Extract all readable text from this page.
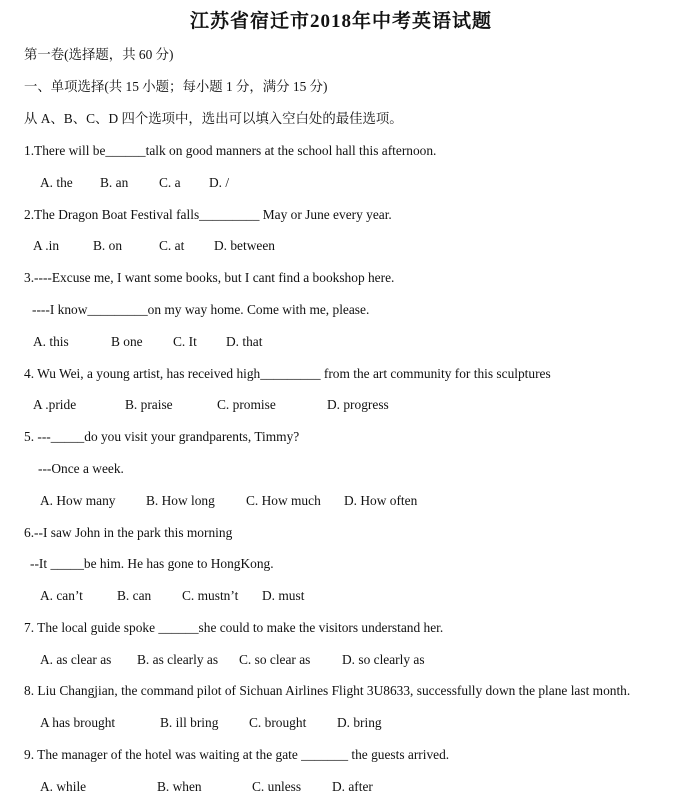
江苏省宿迁市2018年中考英语试题
第一卷(选择题，共 60 分)
一、单项选择(共 15 小题；每小题 1 分，满分 15 分)
从 A、B、C、D 四个选项中，选出可以填入空白处的最佳选项。
1.There will be______talk on good manners at the school hall this afternoon.
A. the B. an C. a D. /
2.The Dragon Boat Festival falls_________ May or June every year.
A .in	B. on	C. at D. between
3.----Excuse me, I want some books, but I cant find a bookshop here.
----I know_________on my way home. Come with me, please.
A. this	B one C. It D. that
4. Wu Wei, a young artist, has received high_________ from the art community for this sculptures
A .pride	B. praise	C. promise	D. progress
5. ---_____do you visit your grandparents, Timmy?
---Once a week.
A. How many B. How long C. How much D. How often
6.--I saw John in the park this morning
--It _____be him. He has gone to HongKong.
A. can’t	B. can C. mustn’t D. must
7. The local guide spoke ______she could to make the visitors understand her.
A. as clear as B. as clearly as C. so clear as D. so clearly as
8. Liu Changjian, the command pilot of Sichuan Airlines Flight 3U8633, successfully down the plane last month.
A has brought	B. ill bring C. brought D. bring
9. The manager of the hotel was waiting at the gate _______ the guests arrived.
A. while	B. when	C. unless D. after
